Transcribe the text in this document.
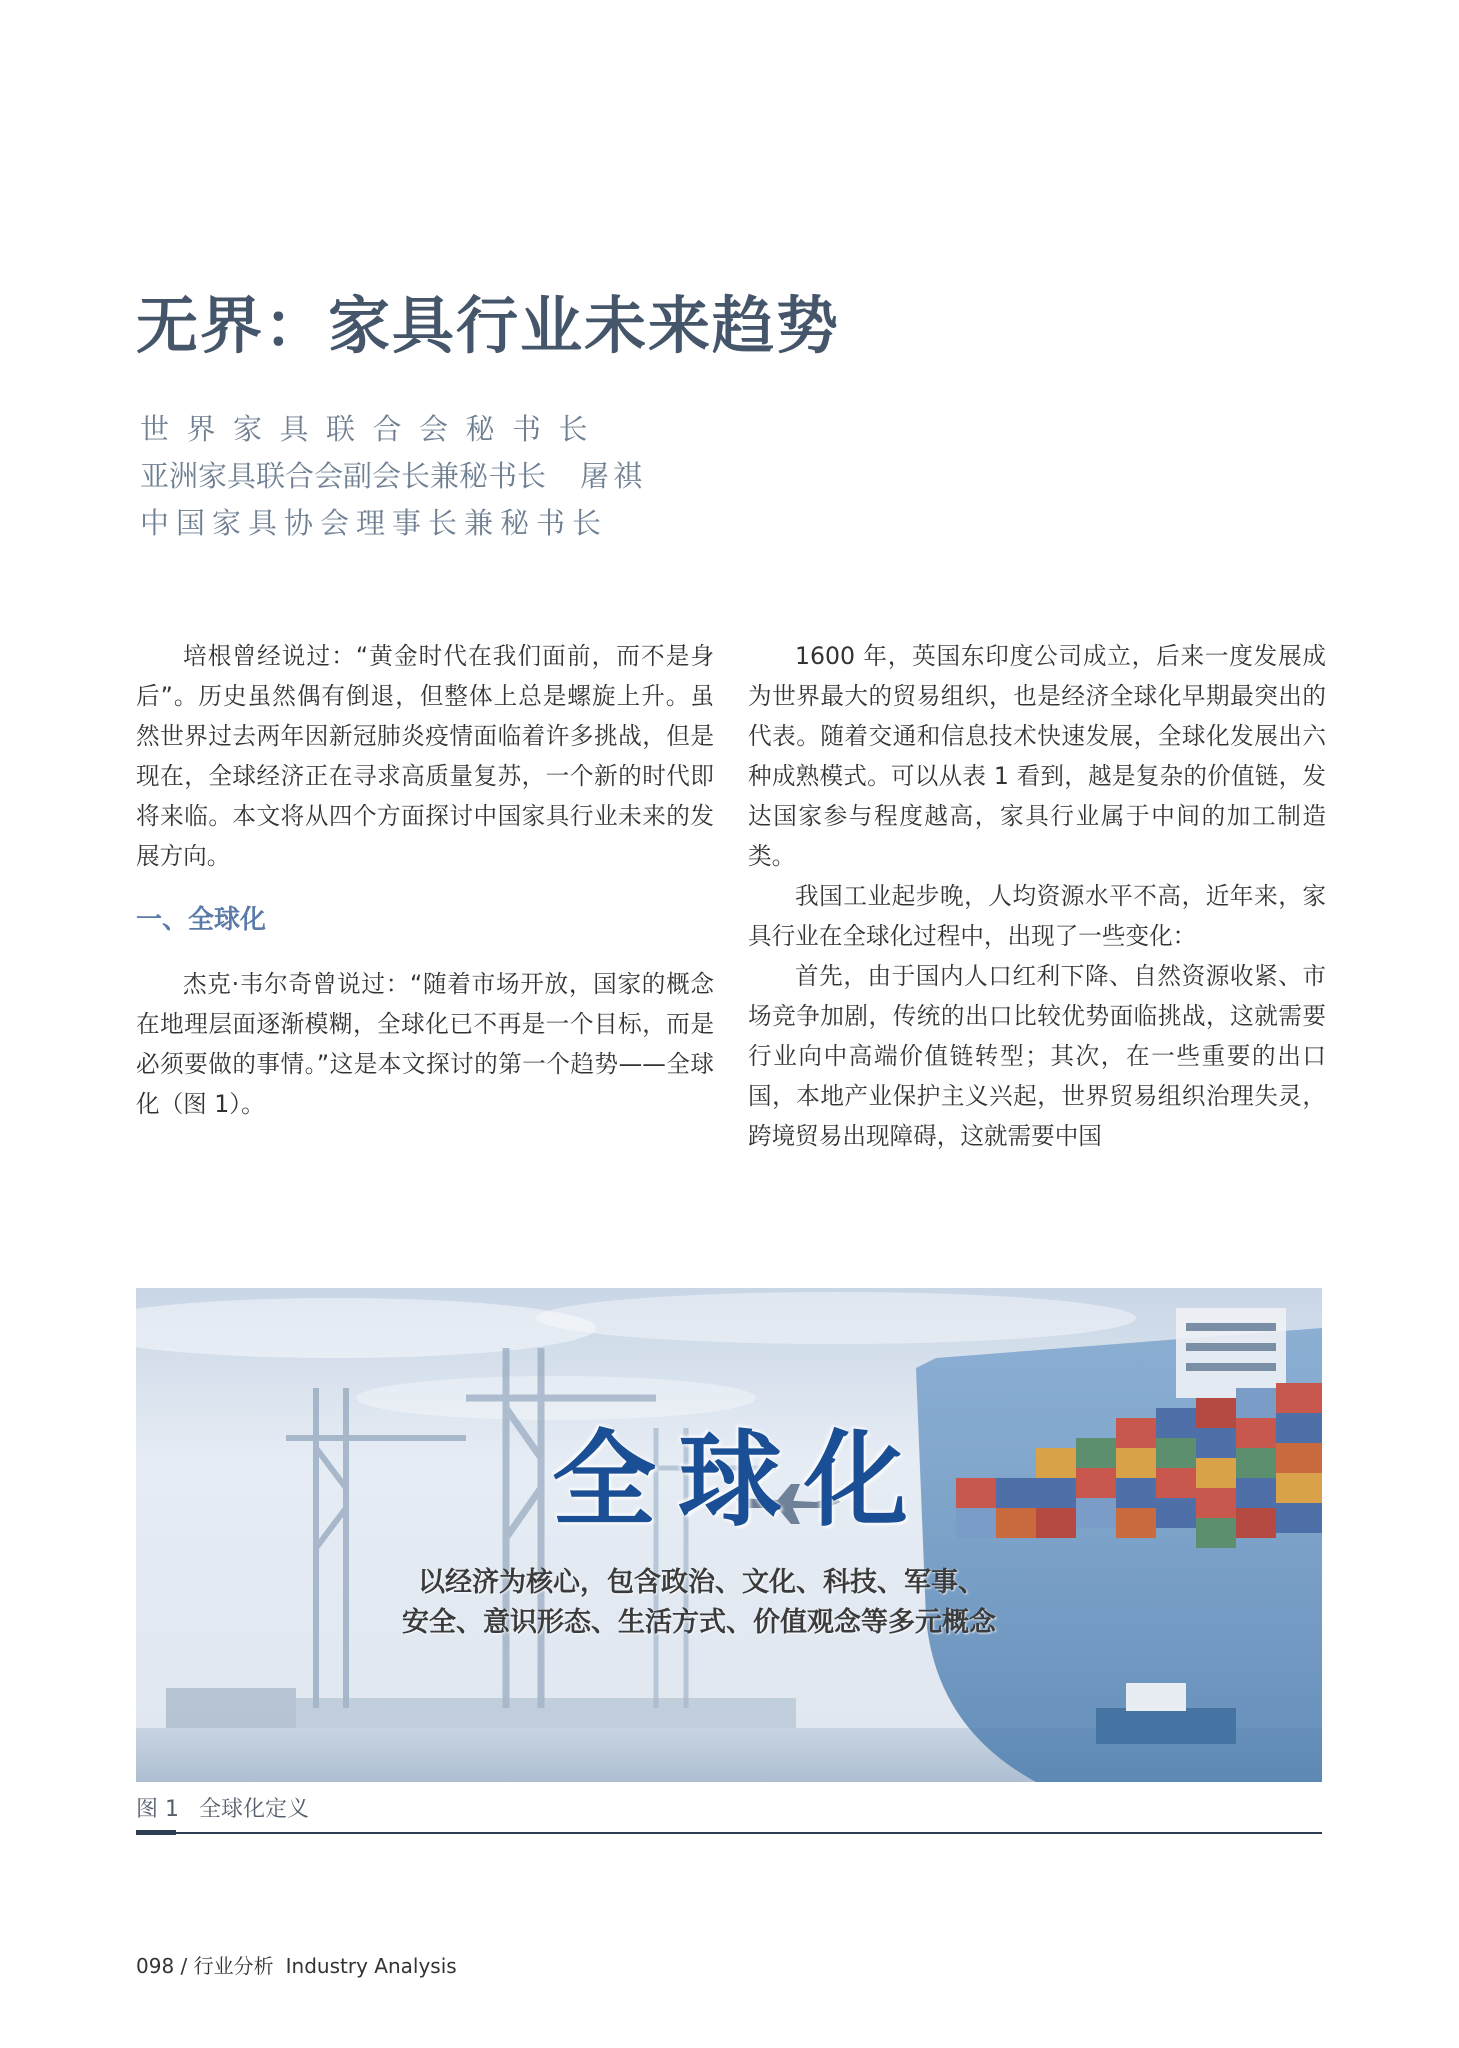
无界：家具行业未来趋势
世界家具联合会秘书长
亚洲家具联合会副会长兼秘书长 屠祺
中国家具协会理事长兼秘书长

培根曾经说过：“黄金时代在我们面前，而不是身后”。历史虽然偶有倒退，但整体上总是螺旋上升。虽然世界过去两年因新冠肺炎疫情面临着许多挑战，但是现在，全球经济正在寻求高质量复苏，一个新的时代即将来临。本文将从四个方面探讨中国家具行业未来的发展方向。

一、全球化

杰克·韦尔奇曾说过：“随着市场开放，国家的概念在地理层面逐渐模糊，全球化已不再是一个目标，而是必须要做的事情。”这是本文探讨的第一个趋势——全球化（图 1）。

1600 年，英国东印度公司成立，后来一度发展成为世界最大的贸易组织，也是经济全球化早期最突出的代表。随着交通和信息技术快速发展，全球化发展出六种成熟模式。可以从表 1 看到，越是复杂的价值链，发达国家参与程度越高，家具行业属于中间的加工制造类。

我国工业起步晚，人均资源水平不高，近年来，家具行业在全球化过程中，出现了一些变化：

首先，由于国内人口红利下降、自然资源收紧、市场竞争加剧，传统的出口比较优势面临挑战，这就需要行业向中高端价值链转型；其次，在一些重要的出口国，本地产业保护主义兴起，世界贸易组织治理失灵，跨境贸易出现障碍，这就需要中国

全球化
以经济为核心，包含政治、文化、科技、军事、
安全、意识形态、生活方式、价值观念等多元概念
图 1 全球化定义
098 / 行业分析 Industry Analysis
